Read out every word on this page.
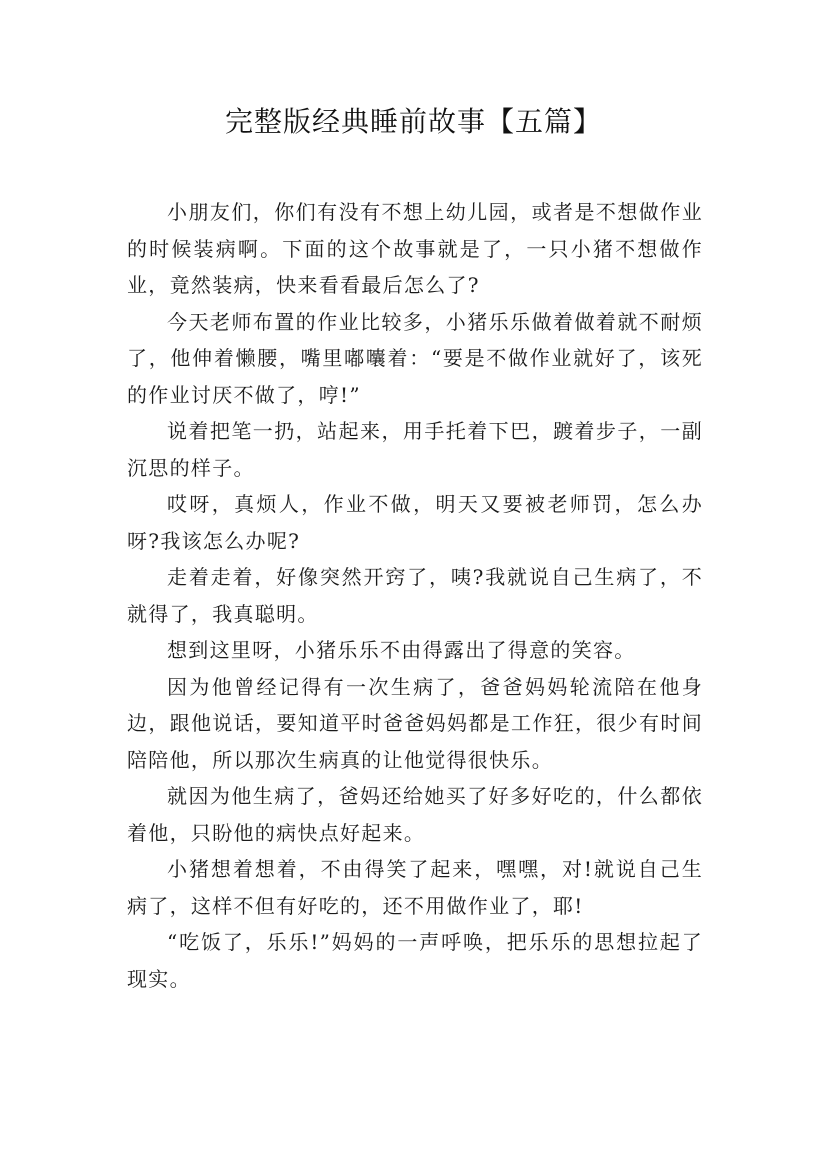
完整版经典睡前故事【五篇】

小朋友们，你们有没有不想上幼儿园，或者是不想做作业的时候装病啊。下面的这个故事就是了，一只小猪不想做作业，竟然装病，快来看看最后怎么了?

今天老师布置的作业比较多，小猪乐乐做着做着就不耐烦了，他伸着懒腰，嘴里嘟囔着：“要是不做作业就好了，该死的作业讨厌不做了，哼!”

说着把笔一扔，站起来，用手托着下巴，踱着步子，一副沉思的样子。

哎呀，真烦人，作业不做，明天又要被老师罚，怎么办呀?我该怎么办呢?

走着走着，好像突然开窍了，咦?我就说自己生病了，不就得了，我真聪明。

想到这里呀，小猪乐乐不由得露出了得意的笑容。

因为他曾经记得有一次生病了，爸爸妈妈轮流陪在他身边，跟他说话，要知道平时爸爸妈妈都是工作狂，很少有时间陪陪他，所以那次生病真的让他觉得很快乐。

就因为他生病了，爸妈还给她买了好多好吃的，什么都依着他，只盼他的病快点好起来。

小猪想着想着，不由得笑了起来，嘿嘿，对!就说自己生病了，这样不但有好吃的，还不用做作业了，耶!

“吃饭了，乐乐!”妈妈的一声呼唤，把乐乐的思想拉起了现实。
